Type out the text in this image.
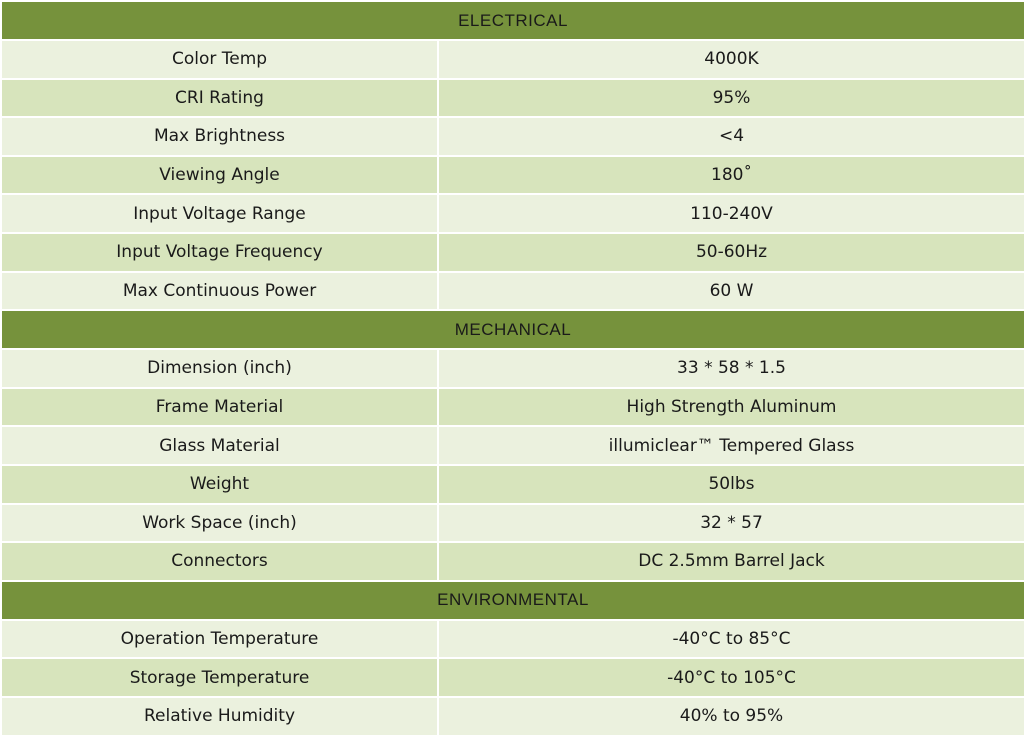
ELECTRICAL	
Color Temp	4000K
CRI Rating	95%
Max Brightness	<4
Viewing Angle	180˚
Input Voltage Range	110-240V
Input Voltage Frequency	50-60Hz
Max Continuous Power	60 W
MECHANICAL	
Dimension (inch)	33 * 58 * 1.5
Frame Material	High Strength Aluminum
Glass Material	illumiclear™ Tempered Glass
Weight	50lbs
Work Space (inch)	32 * 57
Connectors	DC 2.5mm Barrel Jack
ENVIRONMENTAL	
Operation Temperature	-40°C to 85°C
Storage Temperature	-40°C to 105°C
Relative Humidity	40% to 95%
